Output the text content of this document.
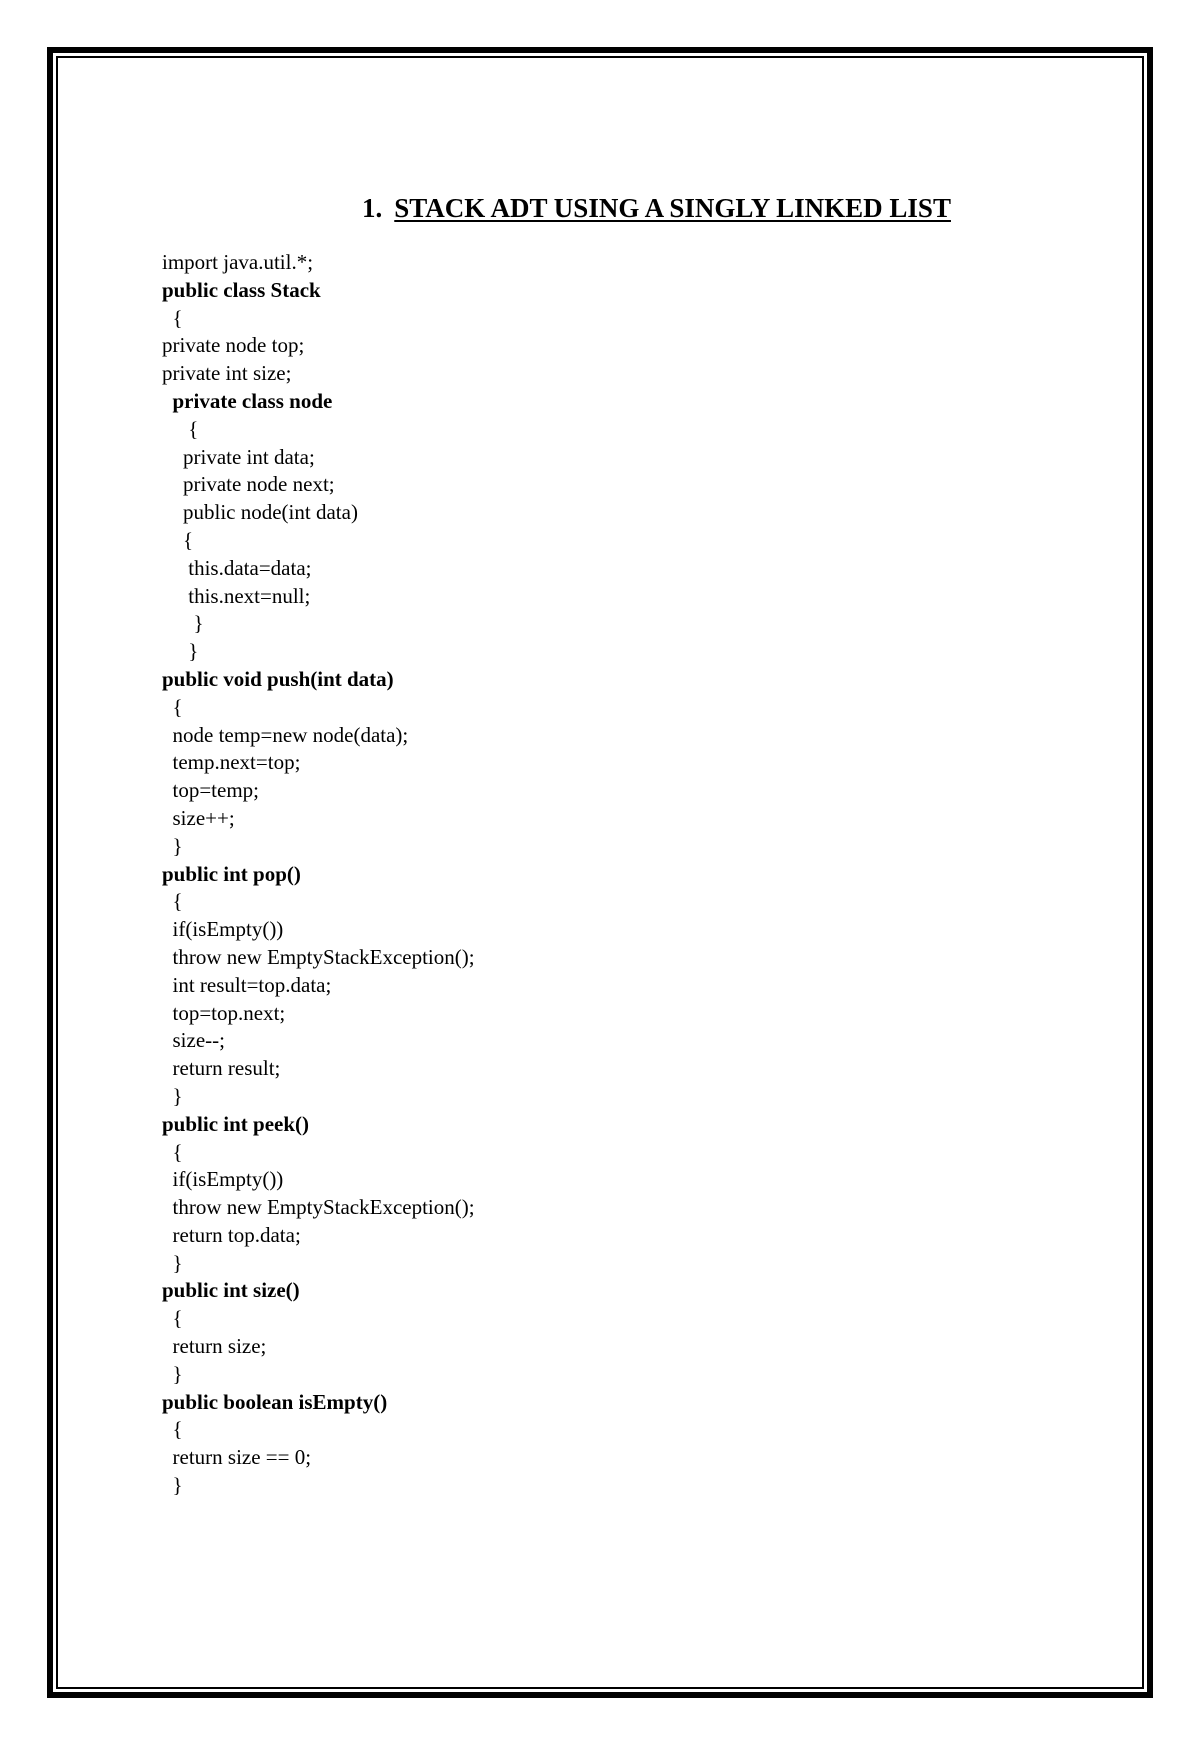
1. STACK ADT USING A SINGLY LINKED LIST
import java.util.*;
public class Stack
{
private node top;
private int size;
private class node
{
private int data;
private node next;
public node(int data)
{
this.data=data;
this.next=null;
}
}
public void push(int data)
{
node temp=new node(data);
temp.next=top;
top=temp;
size++;
}
public int pop()
{
if(isEmpty())
throw new EmptyStackException();
int result=top.data;
top=top.next;
size--;
return result;
}
public int peek()
{
if(isEmpty())
throw new EmptyStackException();
return top.data;
}
public int size()
{
return size;
}
public boolean isEmpty()
{
return size == 0;
}
